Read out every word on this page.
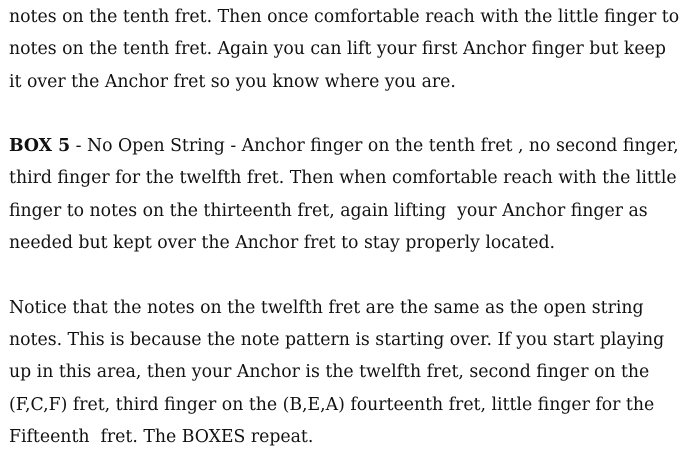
notes on the tenth fret. Then once comfortable reach with the little finger to
notes on the tenth fret. Again you can lift your first Anchor finger but keep
it over the Anchor fret so you know where you are.
BOX 5 - No Open String - Anchor finger on the tenth fret , no second finger,
third finger for the twelfth fret. Then when comfortable reach with the little
finger to notes on the thirteenth fret, again lifting  your Anchor finger as
needed but kept over the Anchor fret to stay properly located.
Notice that the notes on the twelfth fret are the same as the open string
notes. This is because the note pattern is starting over. If you start playing
up in this area, then your Anchor is the twelfth fret, second finger on the
(F,C,F) fret, third finger on the (B,E,A) fourteenth fret, little finger for the
Fifteenth  fret. The BOXES repeat.
